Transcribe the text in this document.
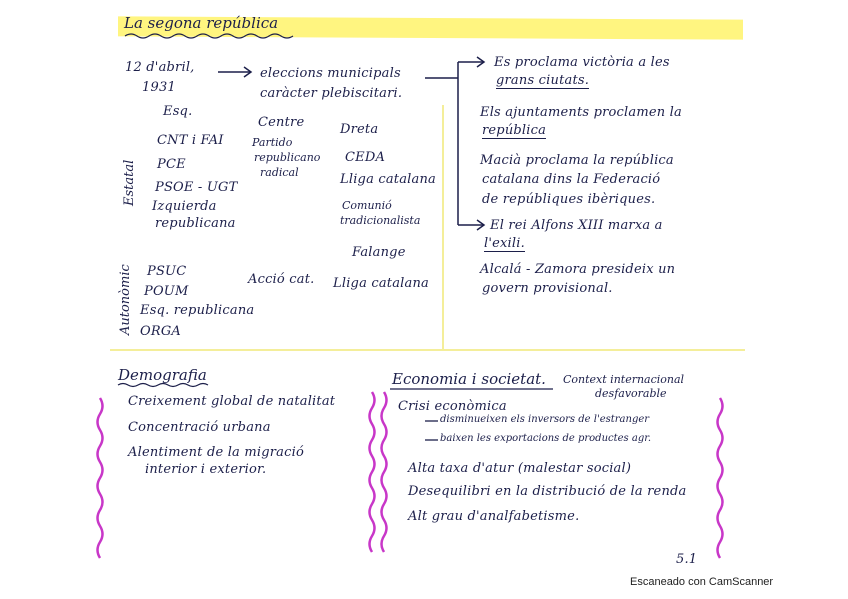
La segona república
12 d'abril,
1931
eleccions municipals
caràcter plebiscitari.
Es proclama victòria a les
grans ciutats.
Els ajuntaments proclamen la
república
Macià proclama la república
catalana dins la Federació
de repúbliques ibèriques.
El rei Alfons XIII marxa a
l'exili.
Alcalá - Zamora presideix un
govern provisional.
Estatal
Esq.
CNT i FAI
PCE
PSOE - UGT
Izquierda
republicana
Centre
Partido
republicano
radical
Dreta
CEDA
Lliga catalana
Comunió
tradicionalista
Falange
Autonòmic PSUC
POUM
Esq. republicana
ORGA
Acció cat. Lliga catalana
Demografia
Creixement global de natalitat
Concentració urbana
Alentiment de la migració
interior i exterior.
Economia i societat. Context internacional
desfavorable
Crisi econòmica
disminueixen els inversors de l'estranger
baixen les exportacions de productes agr.
Alta taxa d'atur (malestar social)
Desequilibri en la distribució de la renda
Alt grau d'analfabetisme.
5.1
Escaneado con CamScanner
